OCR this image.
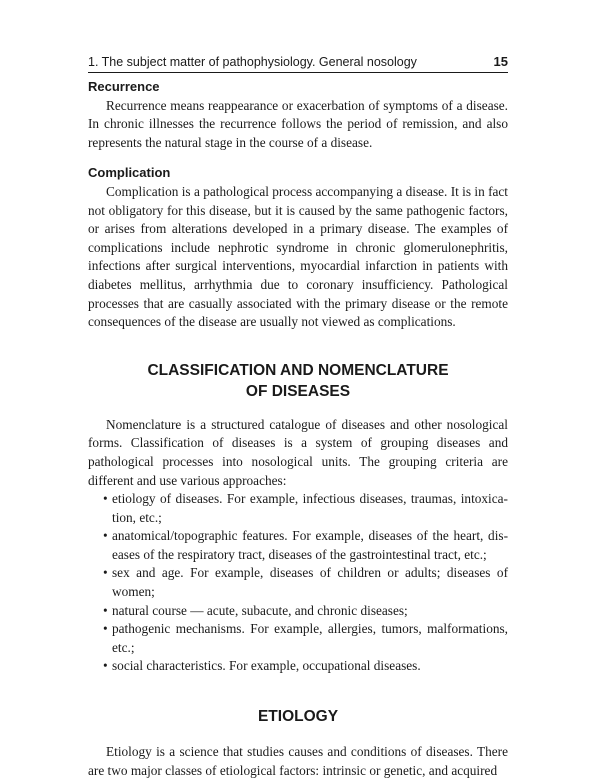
1. The subject matter of pathophysiology. General nosology	15
Recurrence

Recurrence means reappearance or exacerbation of symptoms of a disease. In chronic illnesses the recurrence follows the period of remission, and also represents the natural stage in the course of a disease.

Complication

Complication is a pathological process accompanying a disease. It is in fact not obligatory for this disease, but it is caused by the same pathogenic factors, or arises from alterations developed in a primary disease. The examples of complications include nephrotic syndrome in chronic glomerulonephritis, infections after surgical interventions, myocardial infarction in patients with diabetes mellitus, arrhythmia due to coronary insufficiency. Pathological processes that are casually associated with the primary disease or the remote consequences of the disease are usually not viewed as complications.

CLASSIFICATION AND NOMENCLATURE
OF DISEASES

Nomenclature is a structured catalogue of diseases and other nosological forms. Classification of diseases is a system of grouping diseases and pathological processes into nosological units. The grouping criteria are different and use various approaches:

• etiology of diseases. For example, infectious diseases, traumas, intoxica-tion, etc.;
• anatomical/topographic features. For example, diseases of the heart, dis-eases of the respiratory tract, diseases of the gastrointestinal tract, etc.;
• sex and age. For example, diseases of children or adults; diseases of women;
• natural course — acute, subacute, and chronic diseases;
• pathogenic mechanisms. For example, allergies, tumors, malformations, etc.;
• social characteristics. For example, occupational diseases.
ETIOLOGY

Etiology is a science that studies causes and conditions of diseases. There are two major classes of etiological factors: intrinsic or genetic, and acquired
